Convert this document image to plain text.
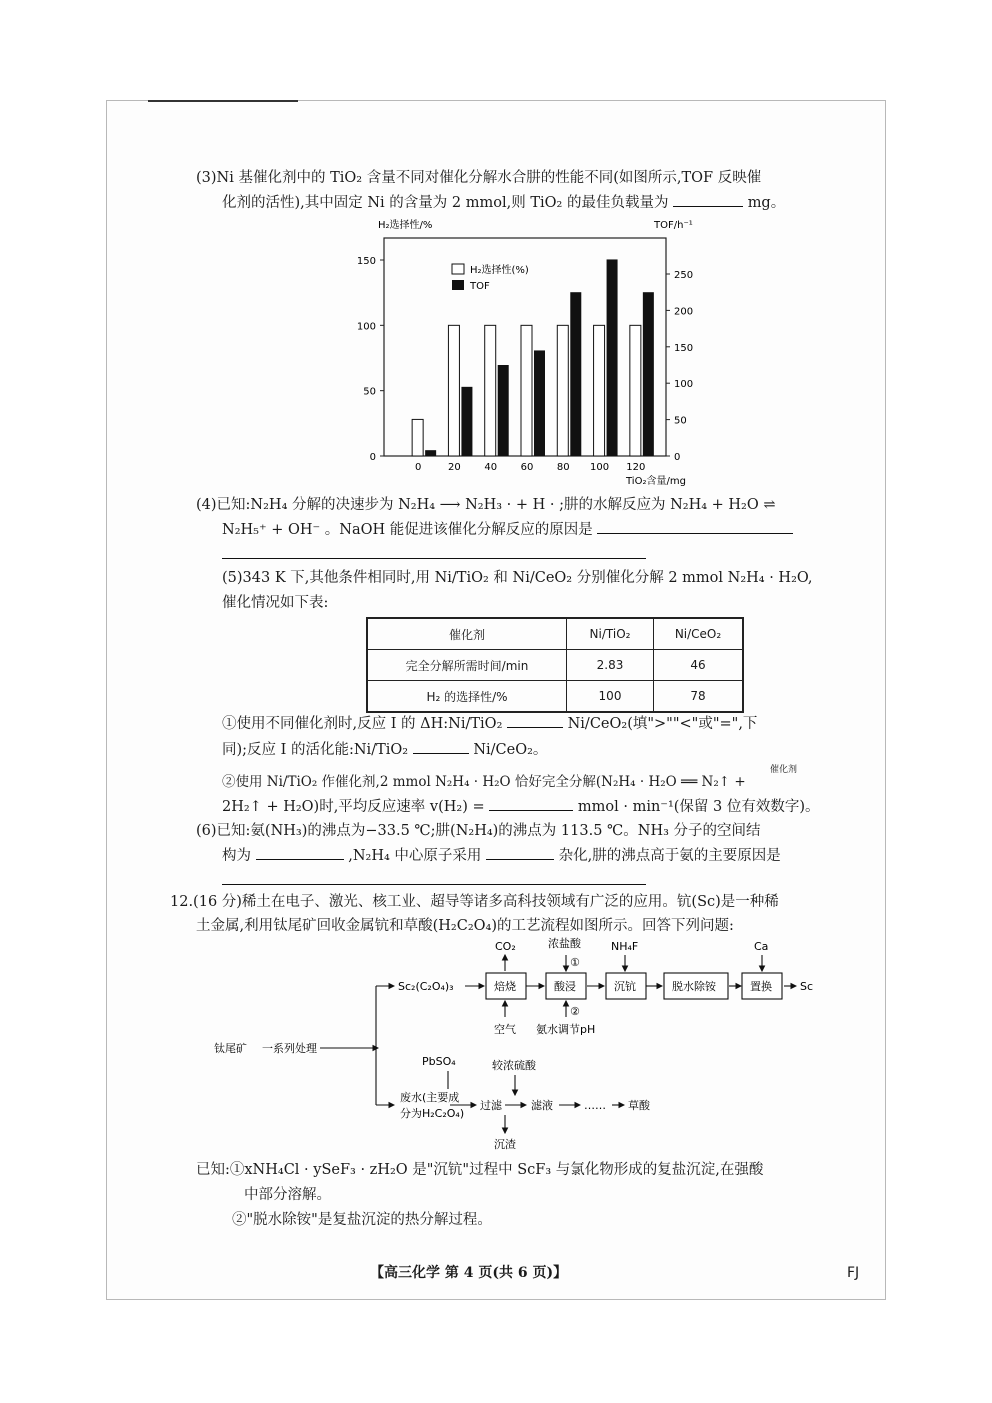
(3)Ni 基催化剂中的 TiO₂ 含量不同对催化分解水合肼的性能不同(如图所示,TOF 反映催
化剂的活性),其中固定 Ni 的含量为 2 mmol,则 TiO₂ 的最佳负载量为	mg。
H₂选择性/%	TOF/h⁻¹
0
50
100
150
0
50
100
150
200
250
0	20 40 60 80 100 120
H₂选择性(%)
TOF
TiO₂含量/mg
(4)已知:N₂H₄ 分解的决速步为 N₂H₄ ⟶ N₂H₃ · + H · ;肼的水解反应为 N₂H₄ + H₂O ⇌
N₂H₅⁺ + OH⁻ 。NaOH 能促进该催化分解反应的原因是
(5)343 K 下,其他条件相同时,用 Ni/TiO₂ 和 Ni/CeO₂ 分别催化分解 2 mmol N₂H₄ · H₂O,
催化情况如下表:
催化剂	Ni/TiO₂	Ni/CeO₂
完全分解所需时间/min	2.83	46
H₂ 的选择性/%	100	78
①使用不同催化剂时,反应 I 的 ΔH:Ni/TiO₂	Ni/CeO₂(填">""<"或"=",下
同);反应 I 的活化能:Ni/TiO₂	Ni/CeO₂。
催化剂
②使用 Ni/TiO₂ 作催化剂,2 mmol N₂H₄ · H₂O 恰好完全分解(N₂H₄ · H₂O ══ N₂↑ +
2H₂↑ + H₂O)时,平均反应速率 v(H₂) =	mmol · min⁻¹(保留 3 位有效数字)。
(6)已知:氨(NH₃)的沸点为−33.5 ℃;肼(N₂H₄)的沸点为 113.5 ℃。NH₃ 分子的空间结
构为	,N₂H₄ 中心原子采用	杂化,肼的沸点高于氨的主要原因是
12.(16 分)稀土在电子、激光、核工业、超导等诸多高科技领域有广泛的应用。钪(Sc)是一种稀
土金属,利用钛尾矿回收金属钪和草酸(H₂C₂O₄)的工艺流程如图所示。回答下列问题:
钛尾矿 一系列处理
Sc₂(C₂O₄)₃	焙烧	酸浸	沉钪	脱水除铵	置换	Sc
CO₂	浓盐酸
①
NH₄F	Ca
空气
②
氨水调节pH
PbSO₄	较浓硫酸
废水(主要成
分为H₂C₂O₄)
过滤	滤液	…… 草酸
沉渣
已知:①xNH₄Cl · ySeF₃ · zH₂O 是"沉钪"过程中 ScF₃ 与氯化物形成的复盐沉淀,在强酸
中部分溶解。
②"脱水除铵"是复盐沉淀的热分解过程。
【高三化学 第 4 页(共 6 页)】	FJ
